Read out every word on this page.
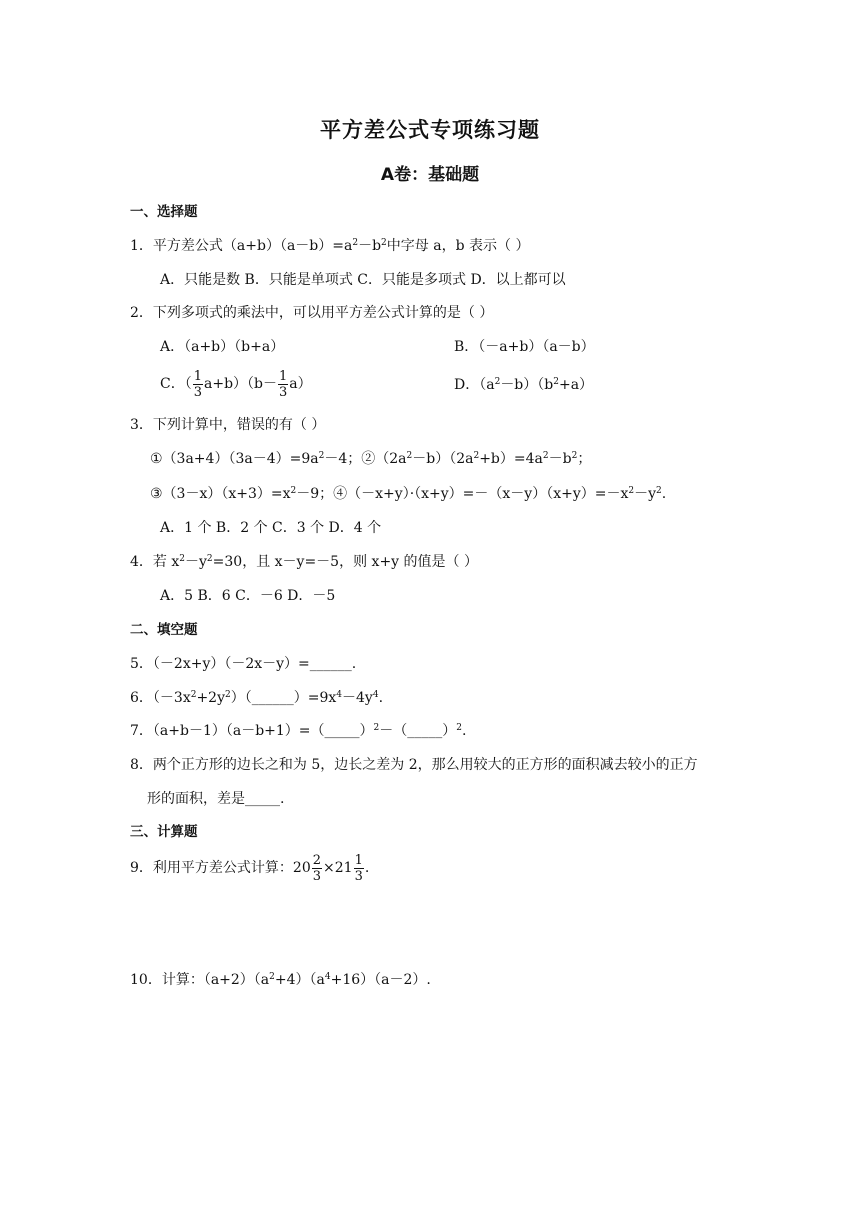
平方差公式专项练习题
A卷：基础题
一、选择题
1．平方差公式$(a+b)(a-b)=a^2-b^2$中字母 a，b 表示（ ）
A．只能是数 B．只能是单项式 C．只能是多项式 D．以上都可以
2．下列多项式的乘法中，可以用平方差公式计算的是（ ）
A．（a+b）（b+a）	B．（－a+b）（a－b）
C．（ $\frac{1}{3} a+b)(b- \frac{1}{3} a)$	D．$(a^2-b)(b^2+a)$
3．下列计算中，错误的有（ ）
$①(3a+4)(3a-4)=9a^2-4$；$②(2a^2-b)(2a^2+b)=4a^2-b^2$；
$③(3-x)(x+3)=x^2-9$；$④(-x+y)\cdot(x+y)=-(x-y)(x+y)=-x^2-y^2$.
A．1 个 B．2 个 C．3 个 D．4 个
4．若 $x^2-y^2=30$，且 x－y=－5，则 x+y 的值是（ ）
A．5 B．6 C．－6 D．－5
二、填空题
5．（－2x+y）（－2x－y）=______.
6．$(-3x^2+2y^2)(\_\_\_\_\_\_)=9x^4-4y^4$.
7．（a+b－1）（a－b+1）=（_____）$^2$－（_____）$^2$.
8．两个正方形的边长之和为 5，边长之差为 2，那么用较大的正方形的面积减去较小的正方
形的面积，差是_____.
三、计算题
9．利用平方差公式计算：$20 \frac{2}{3} \times 21 \frac{1}{3}$ .
10．计算：$(a+2)(a^2+4)(a^4+16)(a-2)$.
